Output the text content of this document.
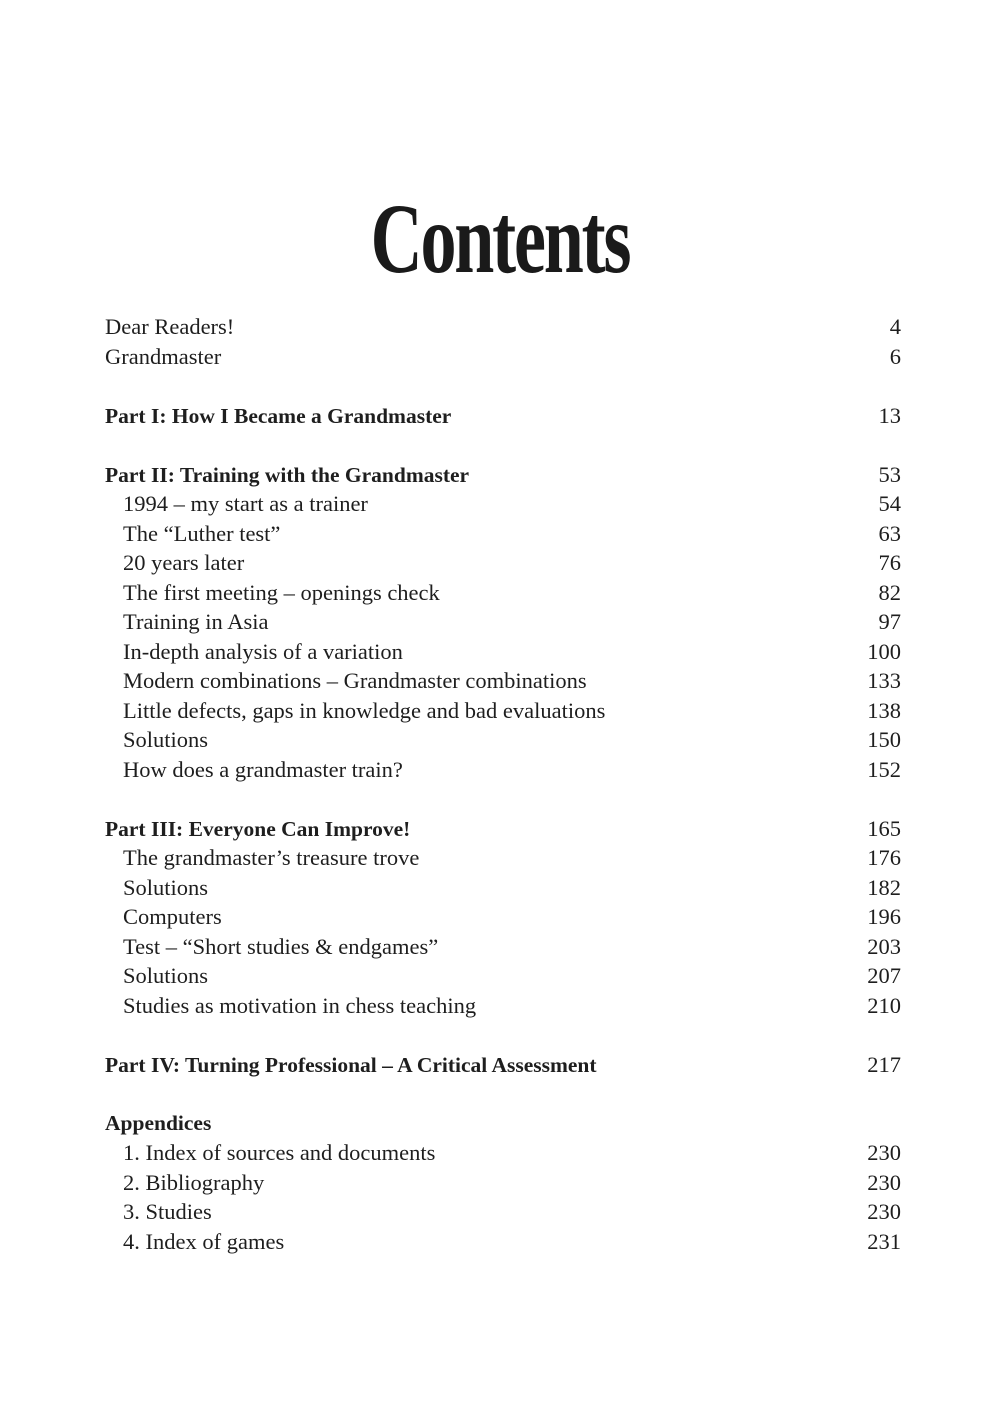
Contents
Dear Readers!	4
Grandmaster	6
Part I: How I Became a Grandmaster	13
Part II: Training with the Grandmaster	53
1994 – my start as a trainer	54
The “Luther test”	63
20 years later	76
The first meeting – openings check	82
Training in Asia	97
In-depth analysis of a variation	100
Modern combinations – Grandmaster combinations	133
Little defects, gaps in knowledge and bad evaluations	138
Solutions	150
How does a grandmaster train?	152
Part III: Everyone Can Improve!	165
The grandmaster’s treasure trove	176
Solutions	182
Computers	196
Test – “Short studies & endgames”	203
Solutions	207
Studies as motivation in chess teaching	210
Part IV: Turning Professional – A Critical Assessment	217
Appendices
1. Index of sources and documents	230
2. Bibliography	230
3. Studies	230
4. Index of games	231
